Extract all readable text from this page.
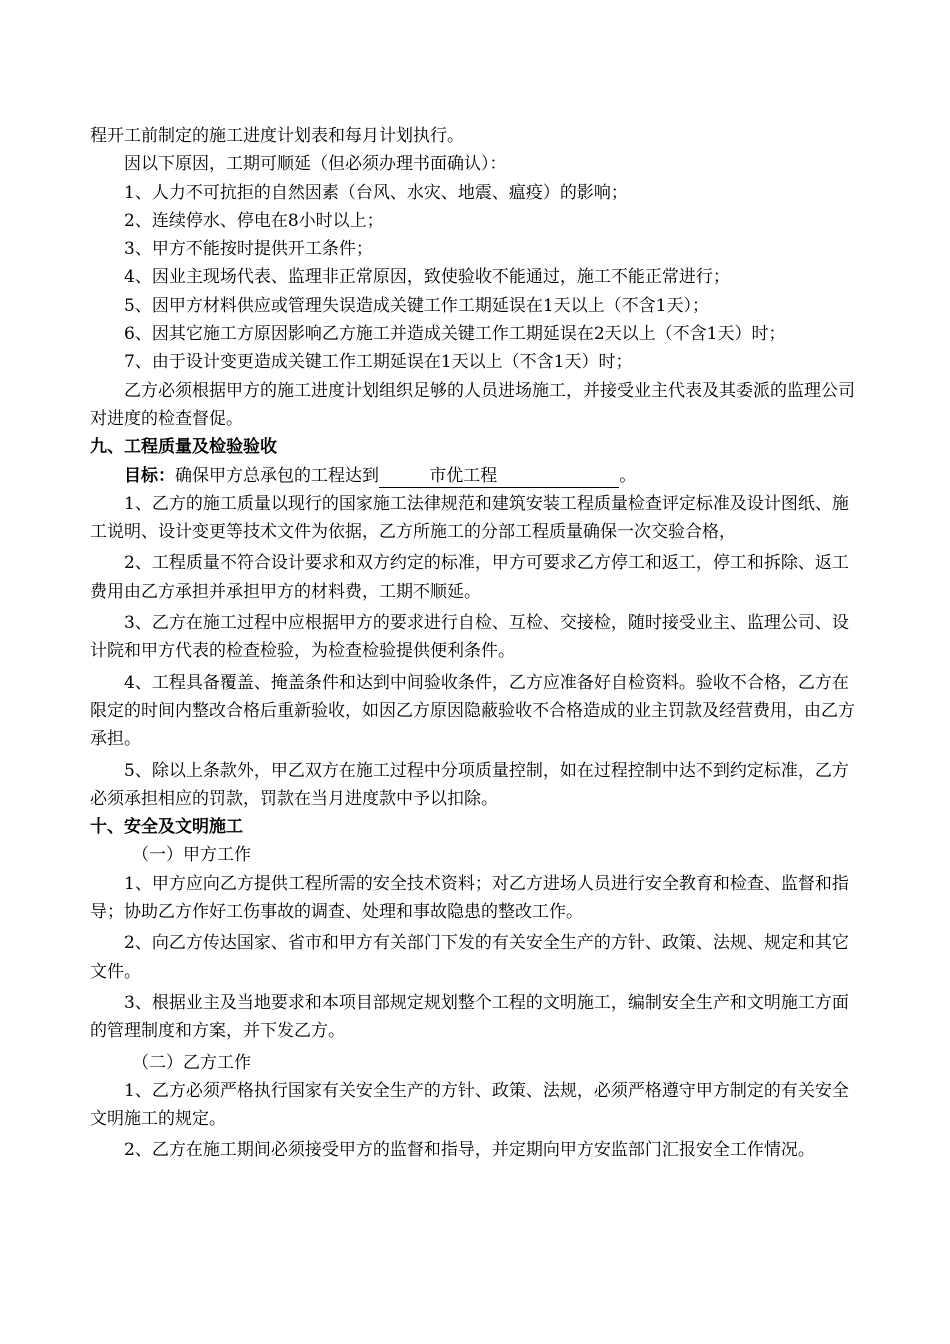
程开工前制定的施工进度计划表和每月计划执行。

因以下原因，工期可顺延（但必须办理书面确认）：

1、人力不可抗拒的自然因素（台风、水灾、地震、瘟疫）的影响；

2、连续停水、停电在8小时以上；

3、甲方不能按时提供开工条件；

4、因业主现场代表、监理非正常原因，致使验收不能通过，施工不能正常进行；

5、因甲方材料供应或管理失误造成关键工作工期延误在1天以上（不含1天）；

6、因其它施工方原因影响乙方施工并造成关键工作工期延误在2天以上（不含1天）时；

7、由于设计变更造成关键工作工期延误在1天以上（不含1天）时；

乙方必须根据甲方的施工进度计划组织足够的人员进场施工，并接受业主代表及其委派的监理公司对进度的检查督促。

九、工程质量及检验验收

目标：确保甲方总承包的工程达到	市优工程	。

1、乙方的施工质量以现行的国家施工法律规范和建筑安装工程质量检查评定标准及设计图纸、施工说明、设计变更等技术文件为依据，乙方所施工的分部工程质量确保一次交验合格，

2、工程质量不符合设计要求和双方约定的标准，甲方可要求乙方停工和返工，停工和拆除、返工费用由乙方承担并承担甲方的材料费，工期不顺延。

3、乙方在施工过程中应根据甲方的要求进行自检、互检、交接检，随时接受业主、监理公司、设计院和甲方代表的检查检验，为检查检验提供便利条件。

4、工程具备覆盖、掩盖条件和达到中间验收条件，乙方应准备好自检资料。验收不合格，乙方在限定的时间内整改合格后重新验收，如因乙方原因隐蔽验收不合格造成的业主罚款及经营费用，由乙方承担。

5、除以上条款外，甲乙双方在施工过程中分项质量控制，如在过程控制中达不到约定标准，乙方必须承担相应的罚款，罚款在当月进度款中予以扣除。

十、安全及文明施工

（一）甲方工作

1、甲方应向乙方提供工程所需的安全技术资料；对乙方进场人员进行安全教育和检查、监督和指导；协助乙方作好工伤事故的调查、处理和事故隐患的整改工作。

2、向乙方传达国家、省市和甲方有关部门下发的有关安全生产的方针、政策、法规、规定和其它文件。

3、根据业主及当地要求和本项目部规定规划整个工程的文明施工，编制安全生产和文明施工方面的管理制度和方案，并下发乙方。

（二）乙方工作

1、乙方必须严格执行国家有关安全生产的方针、政策、法规，必须严格遵守甲方制定的有关安全文明施工的规定。

2、乙方在施工期间必须接受甲方的监督和指导，并定期向甲方安监部门汇报安全工作情况。
